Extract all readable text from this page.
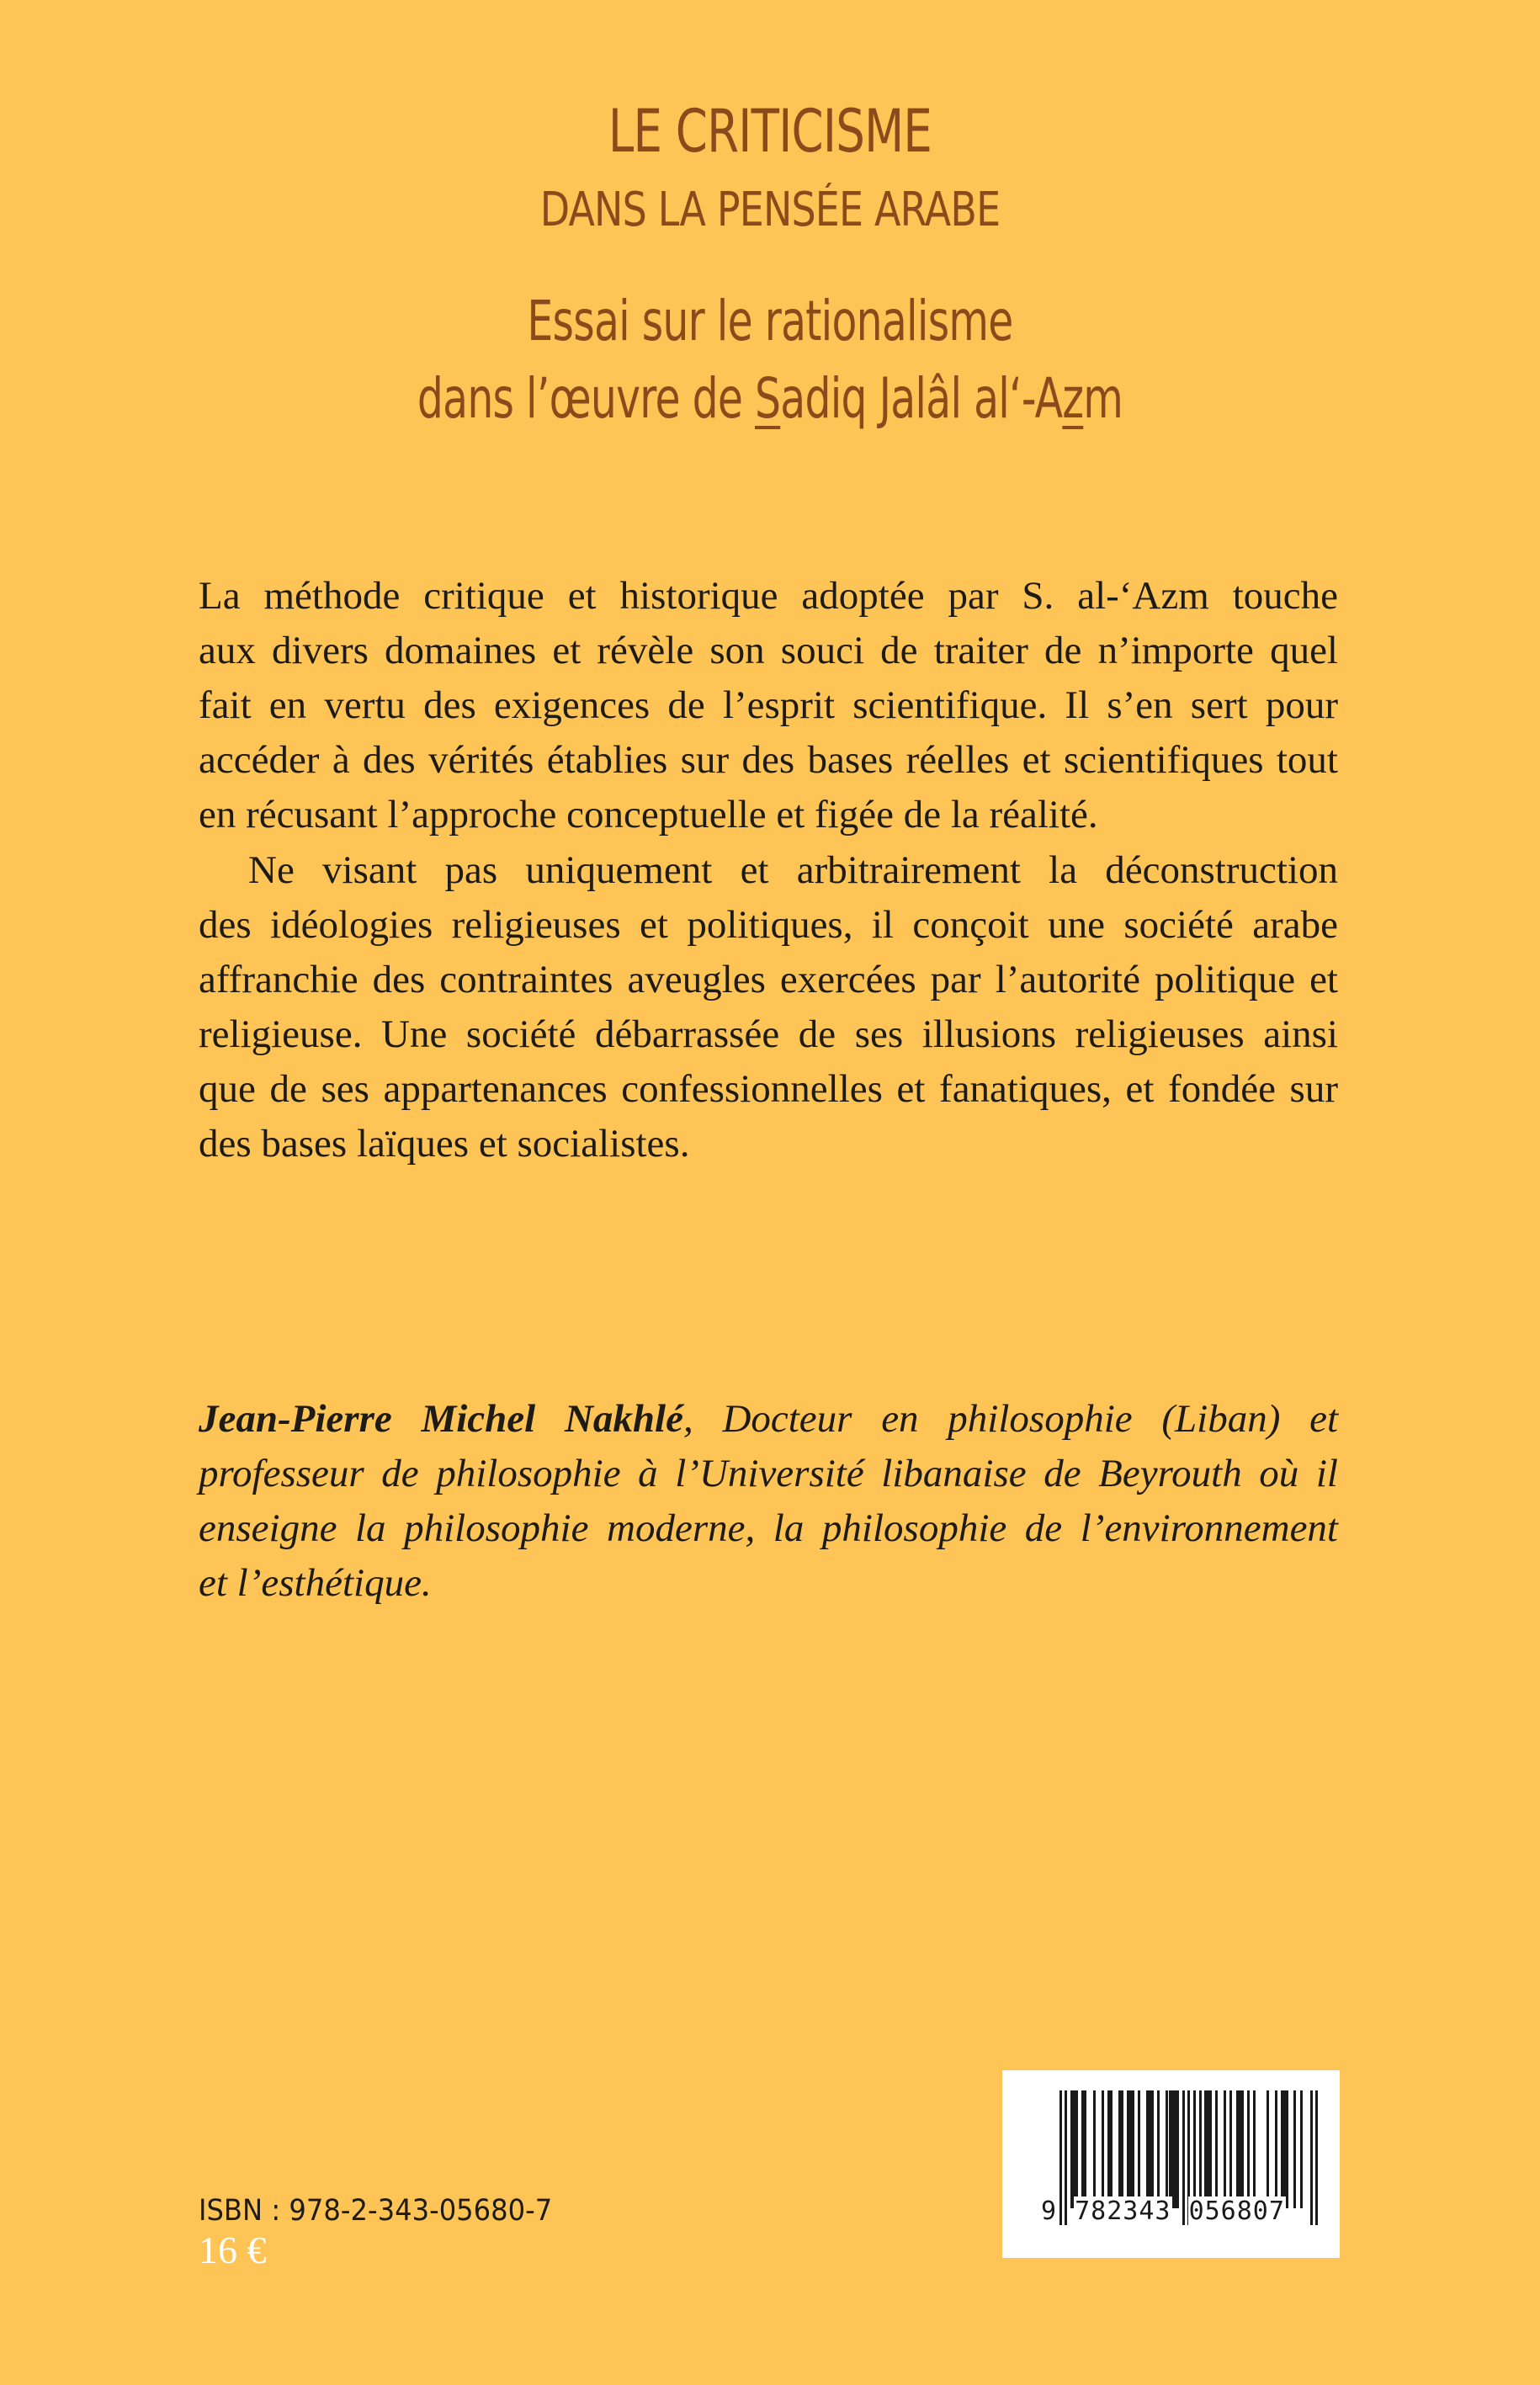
LE CRITICISME
DANS LA PENSÉE ARABE
Essai sur le rationalisme
dans l’œuvre de Sadiq Jalâl al‘-Azm
La méthode critique et historique adoptée par S. al-‘Azm touche
aux divers domaines et révèle son souci de traiter de n’importe quel
fait en vertu des exigences de l’esprit scientifique. Il s’en sert pour
accéder à des vérités établies sur des bases réelles et scientifiques tout
en récusant l’approche conceptuelle et figée de la réalité.
Ne visant pas uniquement et arbitrairement la déconstruction
des idéologies religieuses et politiques, il conçoit une société arabe
affranchie des contraintes aveugles exercées par l’autorité politique et
religieuse. Une société débarrassée de ses illusions religieuses ainsi
que de ses appartenances confessionnelles et fanatiques, et fondée sur
des bases laïques et socialistes.
Jean-Pierre Michel Nakhlé, Docteur en philosophie (Liban) et
professeur de philosophie à l’Université libanaise de Beyrouth où il
enseigne la philosophie moderne, la philosophie de l’environnement
et l’esthétique.
9 782343 056807
ISBN : 978-2-343-05680-7
16 €
